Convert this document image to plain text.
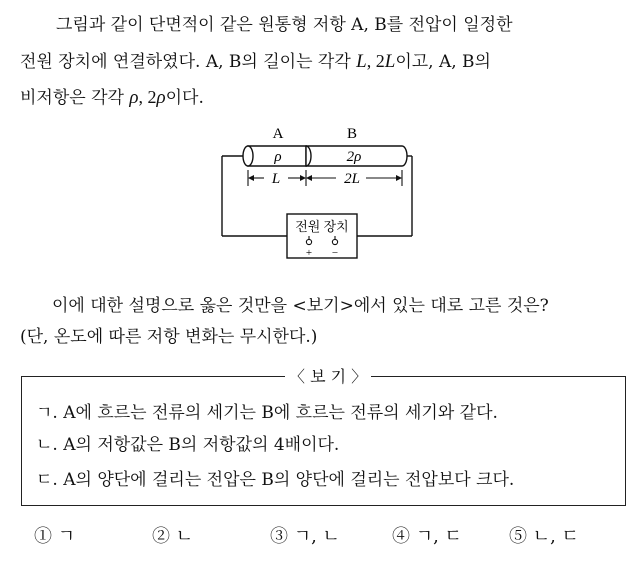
그림과 같이 단면적이 같은 원통형 저항 A, B를 전압이 일정한
전원 장치에 연결하였다. A, B의 길이는 각각 L, 2L이고, A, B의
비저항은 각각 ρ, 2ρ이다.
A	B
ρ	2ρ
L	2L
전원 장치
+ −
이에 대한 설명으로 옳은 것만을 <보기>에서 있는 대로 고른 것은?
(단, 온도에 따른 저항 변화는 무시한다.)
〈 보 기 〉
ㄱ. A에 흐르는 전류의 세기는 B에 흐르는 전류의 세기와 같다.
ㄴ. A의 저항값은 B의 저항값의 4배이다.
ㄷ. A의 양단에 걸리는 전압은 B의 양단에 걸리는 전압보다 크다.
① ㄱ	② ㄴ	③ ㄱ, ㄴ	④ ㄱ, ㄷ	⑤ ㄴ, ㄷ
